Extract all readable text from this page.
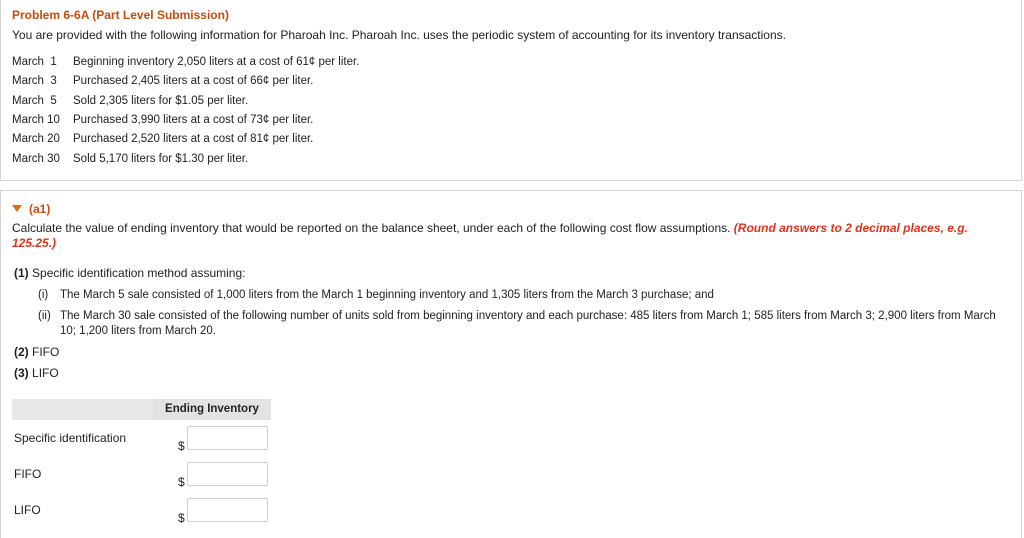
Problem 6-6A (Part Level Submission)
You are provided with the following information for Pharoah Inc. Pharoah Inc. uses the periodic system of accounting for its inventory transactions.
March  1 Beginning inventory 2,050 liters at a cost of 61¢ per liter.
March  3 Purchased 2,405 liters at a cost of 66¢ per liter.
March  5 Sold 2,305 liters for $1.05 per liter.
March 10 Purchased 3,990 liters at a cost of 73¢ per liter.
March 20 Purchased 2,520 liters at a cost of 81¢ per liter.
March 30 Sold 5,170 liters for $1.30 per liter.
(a1)
Calculate the value of ending inventory that would be reported on the balance sheet, under each of the following cost flow assumptions. (Round answers to 2 decimal places, e.g. 125.25.)
(1) Specific identification method assuming:
(i)	The March 5 sale consisted of 1,000 liters from the March 1 beginning inventory and 1,305 liters from the March 3 purchase; and
(ii) The March 30 sale consisted of the following number of units sold from beginning inventory and each purchase: 485 liters from March 1; 585 liters from March 3; 2,900 liters from March 10; 1,200 liters from March 20.
(2) FIFO
(3) LIFO
Ending Inventory
Specific identification
$
FIFO
$
LIFO
$
